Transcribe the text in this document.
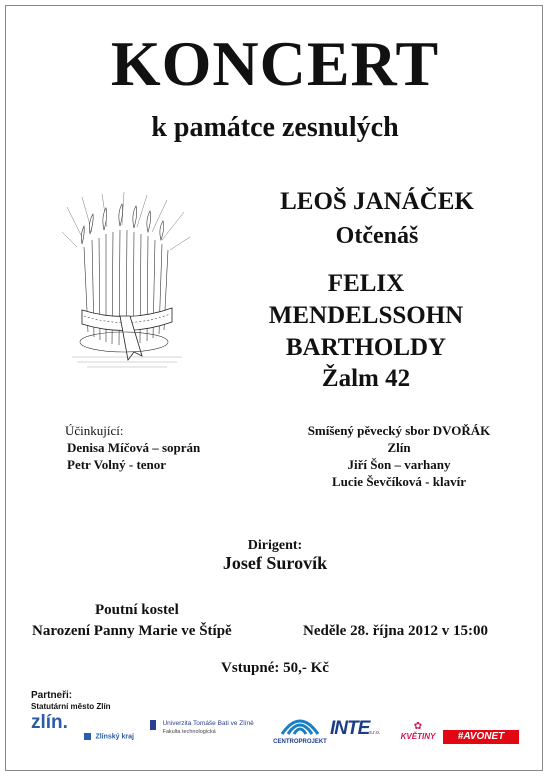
KONCERT
k památce zesnulých
LEOŠ JANÁČEK
Otčenáš
FELIX
MENDELSSOHN
BARTHOLDY
Žalm 42
Účinkující:
Denisa Míčová – soprán
Petr Volný - tenor
Smíšený pěvecký sbor DVOŘÁK
Zlín
Jiří Šon – varhany
Lucie Ševčíková - klavír
Dirigent:
Josef Surovík
Poutní kostel
Narození Panny Marie ve Štípě	Neděle 28. října 2012 v 15:00
Vstupné: 50,- Kč
Partneři:
Statutární město Zlín
zlín.
Zlínský kraj

Univerzita Tomáše Bati ve Zlíně
Fakulta technologická
CENTROPROJEKT
INTEs.r.o.
✿
KVĚTINY	#AVONET
